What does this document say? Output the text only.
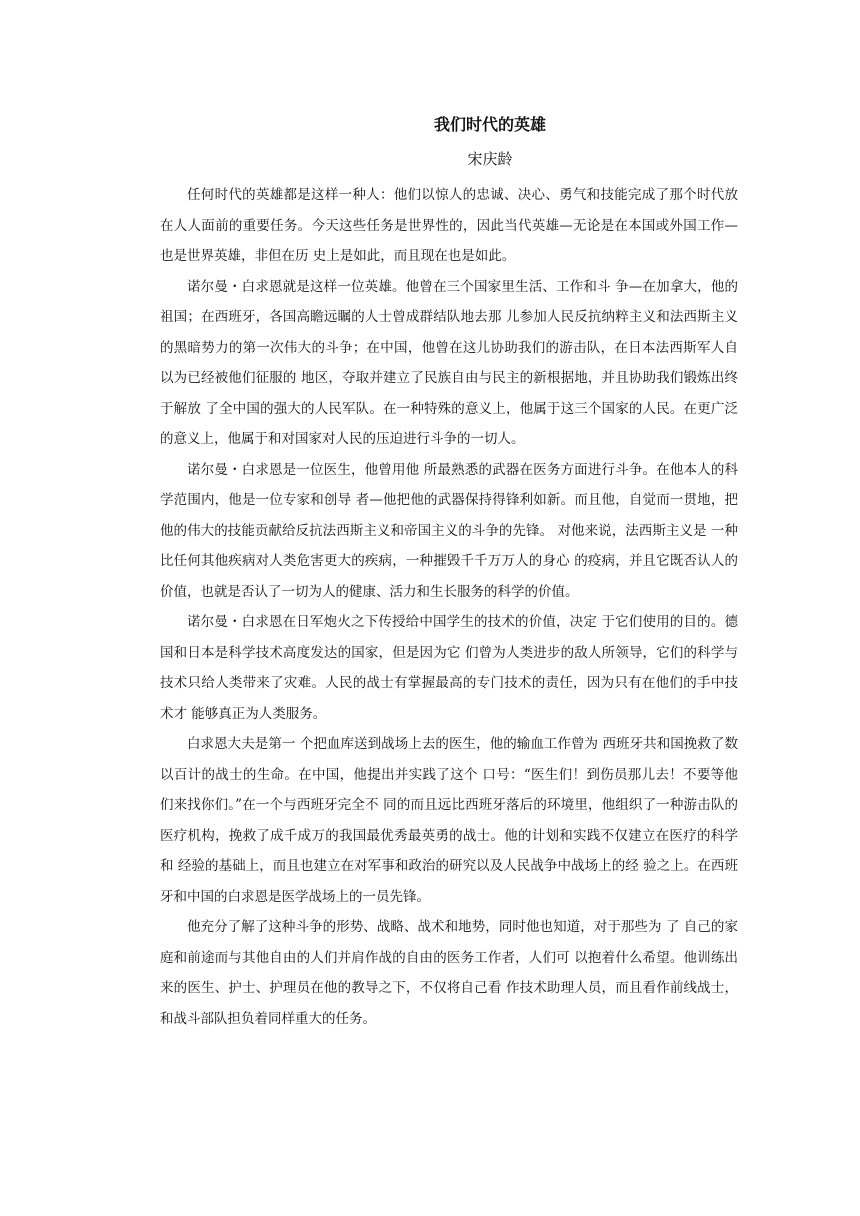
我们时代的英雄
宋庆龄

任何时代的英雄都是这样一种人：他们以惊人的忠诚、决心、勇气和技能完成了那个时代放在人人面前的重要任务。今天这些任务是世界性的，因此当代英雄—无论是在本国或外国工作—也是世界英雄，非但在历 史上是如此，而且现在也是如此。

诺尔曼・白求恩就是这样一位英雄。他曾在三个国家里生活、工作和斗 争—在加拿大，他的祖国；在西班牙，各国高瞻远瞩的人士曾成群结队地去那 儿参加人民反抗纳粹主义和法西斯主义的黑暗势力的第一次伟大的斗争；在中国，他曾在这儿协助我们的游击队，在日本法西斯军人自以为已经被他们征服的 地区，夺取并建立了民族自由与民主的新根据地，并且协助我们锻炼出终于解放 了全中国的强大的人民军队。在一种特殊的意义上，他属于这三个国家的人民。在更广泛的意义上，他属于和对国家对人民的压迫进行斗争的一切人。

诺尔曼・白求恩是一位医生，他曾用他 所最熟悉的武器在医务方面进行斗争。在他本人的科学范围内，他是一位专家和创导 者—他把他的武器保持得锋利如新。而且他，自觉而一贯地，把他的伟大的技能贡献给反抗法西斯主义和帝国主义的斗争的先锋。 对他来说，法西斯主义是 一种比任何其他疾病对人类危害更大的疾病，一种摧毁千千万万人的身心 的疫病，并且它既否认人的价值，也就是否认了一切为人的健康、活力和生长服务的科学的价值。

诺尔曼・白求恩在日军炮火之下传授给中国学生的技术的价值，决定 于它们使用的目的。德国和日本是科学技术高度发达的国家，但是因为它 们曾为人类进步的敌人所领导，它们的科学与技术只给人类带来了灾难。人民的战士有掌握最高的专门技术的责任，因为只有在他们的手中技术才 能够真正为人类服务。

白求恩大夫是第一 个把血库送到战场上去的医生，他的输血工作曾为 西班牙共和国挽救了数以百计的战士的生命。在中国，他提出并实践了这个 口号：“医生们！到伤员那儿去！不要等他们来找你们。”在一个与西班牙完全不 同的而且远比西班牙落后的环境里，他组织了一种游击队的医疗机构，挽救了成千成万的我国最优秀最英勇的战士。他的计划和实践不仅建立在医疗的科学和 经验的基础上，而且也建立在对军事和政治的研究以及人民战争中战场上的经 验之上。在西班牙和中国的白求恩是医学战场上的一员先锋。

他充分了解了这种斗争的形势、战略、战术和地势，同时他也知道，对于那些为 了 自己的家庭和前途而与其他自由的人们并肩作战的自由的医务工作者，人们可 以抱着什么希望。他训练出来的医生、护士、护理员在他的教导之下，不仅将自己看 作技术助理人员，而且看作前线战士，和战斗部队担负着同样重大的任务。
